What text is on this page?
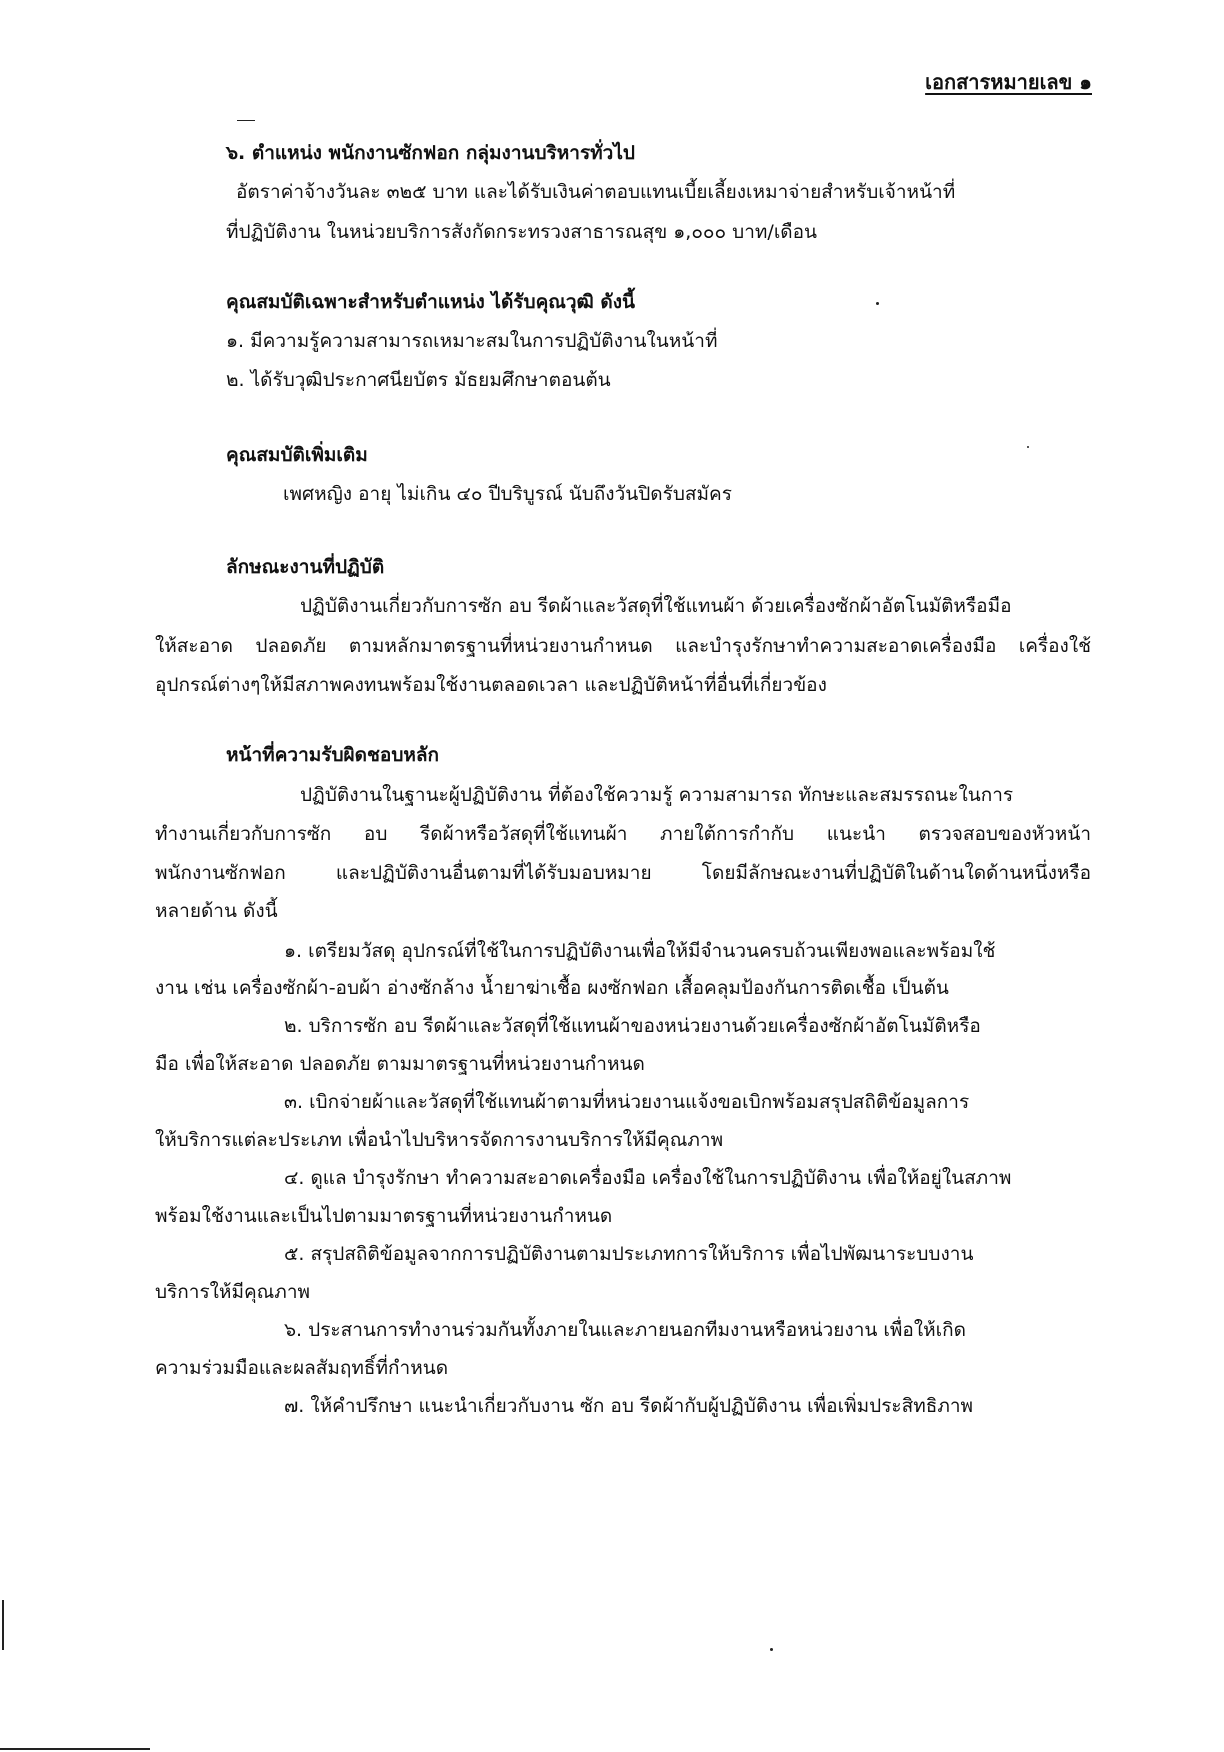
เอกสารหมายเลข ๑
๖. ตำแหน่ง พนักงานซักฟอก กลุ่มงานบริหารทั่วไป
อัตราค่าจ้างวันละ ๓๒๕ บาท และได้รับเงินค่าตอบแทนเบี้ยเลี้ยงเหมาจ่ายสำหรับเจ้าหน้าที่
ที่ปฏิบัติงาน ในหน่วยบริการสังกัดกระทรวงสาธารณสุข ๑,๐๐๐ บาท/เดือน
คุณสมบัติเฉพาะสำหรับตำแหน่ง ได้รับคุณวุฒิ ดังนี้
๑. มีความรู้ความสามารถเหมาะสมในการปฏิบัติงานในหน้าที่
๒. ได้รับวุฒิประกาศนียบัตร มัธยมศึกษาตอนต้น
คุณสมบัติเพิ่มเติม
เพศหญิง อายุ ไม่เกิน ๔๐ ปีบริบูรณ์ นับถึงวันปิดรับสมัคร
ลักษณะงานที่ปฏิบัติ
ปฏิบัติงานเกี่ยวกับการซัก อบ รีดผ้าและวัสดุที่ใช้แทนผ้า ด้วยเครื่องซักผ้าอัตโนมัติหรือมือ
ให้สะอาด ปลอดภัย ตามหลักมาตรฐานที่หน่วยงานกำหนด และบำรุงรักษาทำความสะอาดเครื่องมือ เครื่องใช้
อุปกรณ์ต่างๆให้มีสภาพคงทนพร้อมใช้งานตลอดเวลา และปฏิบัติหน้าที่อื่นที่เกี่ยวข้อง
หน้าที่ความรับผิดชอบหลัก
ปฏิบัติงานในฐานะผู้ปฏิบัติงาน ที่ต้องใช้ความรู้ ความสามารถ ทักษะและสมรรถนะในการ
ทำงานเกี่ยวกับการซัก อบ รีดผ้าหรือวัสดุที่ใช้แทนผ้า ภายใต้การกำกับ แนะนำ ตรวจสอบของหัวหน้า
พนักงานซักฟอก และปฏิบัติงานอื่นตามที่ได้รับมอบหมาย โดยมีลักษณะงานที่ปฏิบัติในด้านใดด้านหนึ่งหรือ
หลายด้าน ดังนี้
๑. เตรียมวัสดุ อุปกรณ์ที่ใช้ในการปฏิบัติงานเพื่อให้มีจำนวนครบถ้วนเพียงพอและพร้อมใช้
งาน เช่น เครื่องซักผ้า-อบผ้า อ่างซักล้าง น้ำยาฆ่าเชื้อ ผงซักฟอก เสื้อคลุมป้องกันการติดเชื้อ เป็นต้น
๒. บริการซัก อบ รีดผ้าและวัสดุที่ใช้แทนผ้าของหน่วยงานด้วยเครื่องซักผ้าอัตโนมัติหรือ
มือ เพื่อให้สะอาด ปลอดภัย ตามมาตรฐานที่หน่วยงานกำหนด
๓. เบิกจ่ายผ้าและวัสดุที่ใช้แทนผ้าตามที่หน่วยงานแจ้งขอเบิกพร้อมสรุปสถิติข้อมูลการ
ให้บริการแต่ละประเภท เพื่อนำไปบริหารจัดการงานบริการให้มีคุณภาพ
๔. ดูแล บำรุงรักษา ทำความสะอาดเครื่องมือ เครื่องใช้ในการปฏิบัติงาน เพื่อให้อยู่ในสภาพ
พร้อมใช้งานและเป็นไปตามมาตรฐานที่หน่วยงานกำหนด
๕. สรุปสถิติข้อมูลจากการปฏิบัติงานตามประเภทการให้บริการ เพื่อไปพัฒนาระบบงาน
บริการให้มีคุณภาพ
๖. ประสานการทำงานร่วมกันทั้งภายในและภายนอกทีมงานหรือหน่วยงาน เพื่อให้เกิด
ความร่วมมือและผลสัมฤทธิ์ที่กำหนด
๗. ให้คำปรึกษา แนะนำเกี่ยวกับงาน ซัก อบ รีดผ้ากับผู้ปฏิบัติงาน เพื่อเพิ่มประสิทธิภาพ
